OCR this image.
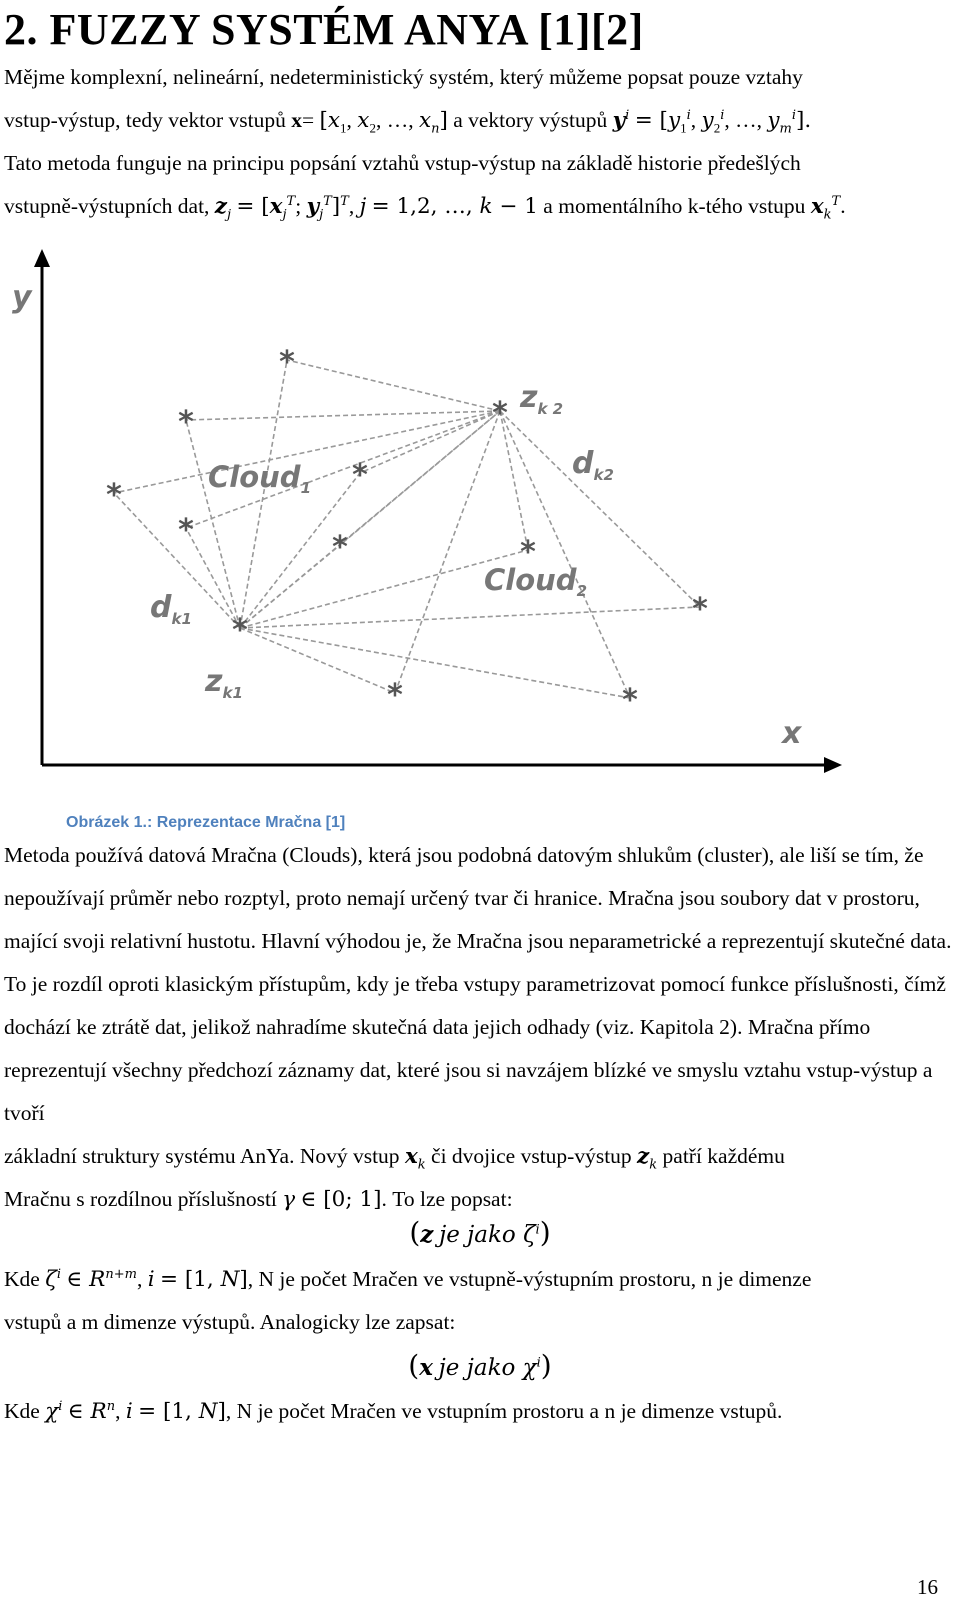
2. FUZZY SYSTÉM ANYA [1][2]

Mějme komplexní, nelineární, nedeterministický systém, který můžeme popsat pouze vztahy

vstup-výstup, tedy vektor vstupů $x= [x_1$, $x_2$, …, $x_n$] a vektory výstupů $y^i = [y_1^i$, $y_2^i$, …, $y_m^i$].

Tato metoda funguje na principu popsání vztahů vstup-výstup na základě historie předešlých

vstupně-výstupních dat, $z_j = [x_j^T$; $y_j^T]^T$, j = 1,2, …, k − 1 a momentálního k-tého vstupu $x_k^T$.

y
x
*
*
*
*
*
*
*
*
*
*
*
*
Cloud$_1$
Cloud$_2$
$d_{k1}$
$d_{k2}$
$z_{k1}$
$z_{k 2}$
Obrázek 1.: Reprezentace Mračna [1]

Metoda používá datová Mračna (Clouds), která jsou podobná datovým shlukům (cluster), ale liší se tím, že nepoužívají průměr nebo rozptyl, proto nemají určený tvar či hranice. Mračna jsou soubory dat v prostoru, mající svoji relativní hustotu. Hlavní výhodou je, že Mračna jsou neparametrické a reprezentují skutečné data. To je rozdíl oproti klasickým přístupům, kdy je třeba vstupy parametrizovat pomocí funkce příslušnosti, čímž dochází ke ztrátě dat, jelikož nahradíme skutečná data jejich odhady (viz. Kapitola 2). Mračna přímo reprezentují všechny předchozí záznamy dat, které jsou si navzájem blízké ve smyslu vztahu vstup-výstup a tvoří

základní struktury systému AnYa. Nový vstup $x_k$ či dvojice vstup-výstup $z_k$ patří každému

Mračnu s rozdílnou příslušností γ ∈ [0; 1]. To lze popsat:

(z je jako $\zeta^i$)

Kde $\zeta^i$ ∈ $R^{n+m}$, i = [1, N], N je počet Mračen ve vstupně-výstupním prostoru, n je dimenze

vstupů a m dimenze výstupů. Analogicky lze zapsat:

(x je jako $\chi^i$)

Kde $\chi^i$ ∈ $R^n$, i = [1, N], N je počet Mračen ve vstupním prostoru a n je dimenze vstupů.

16
